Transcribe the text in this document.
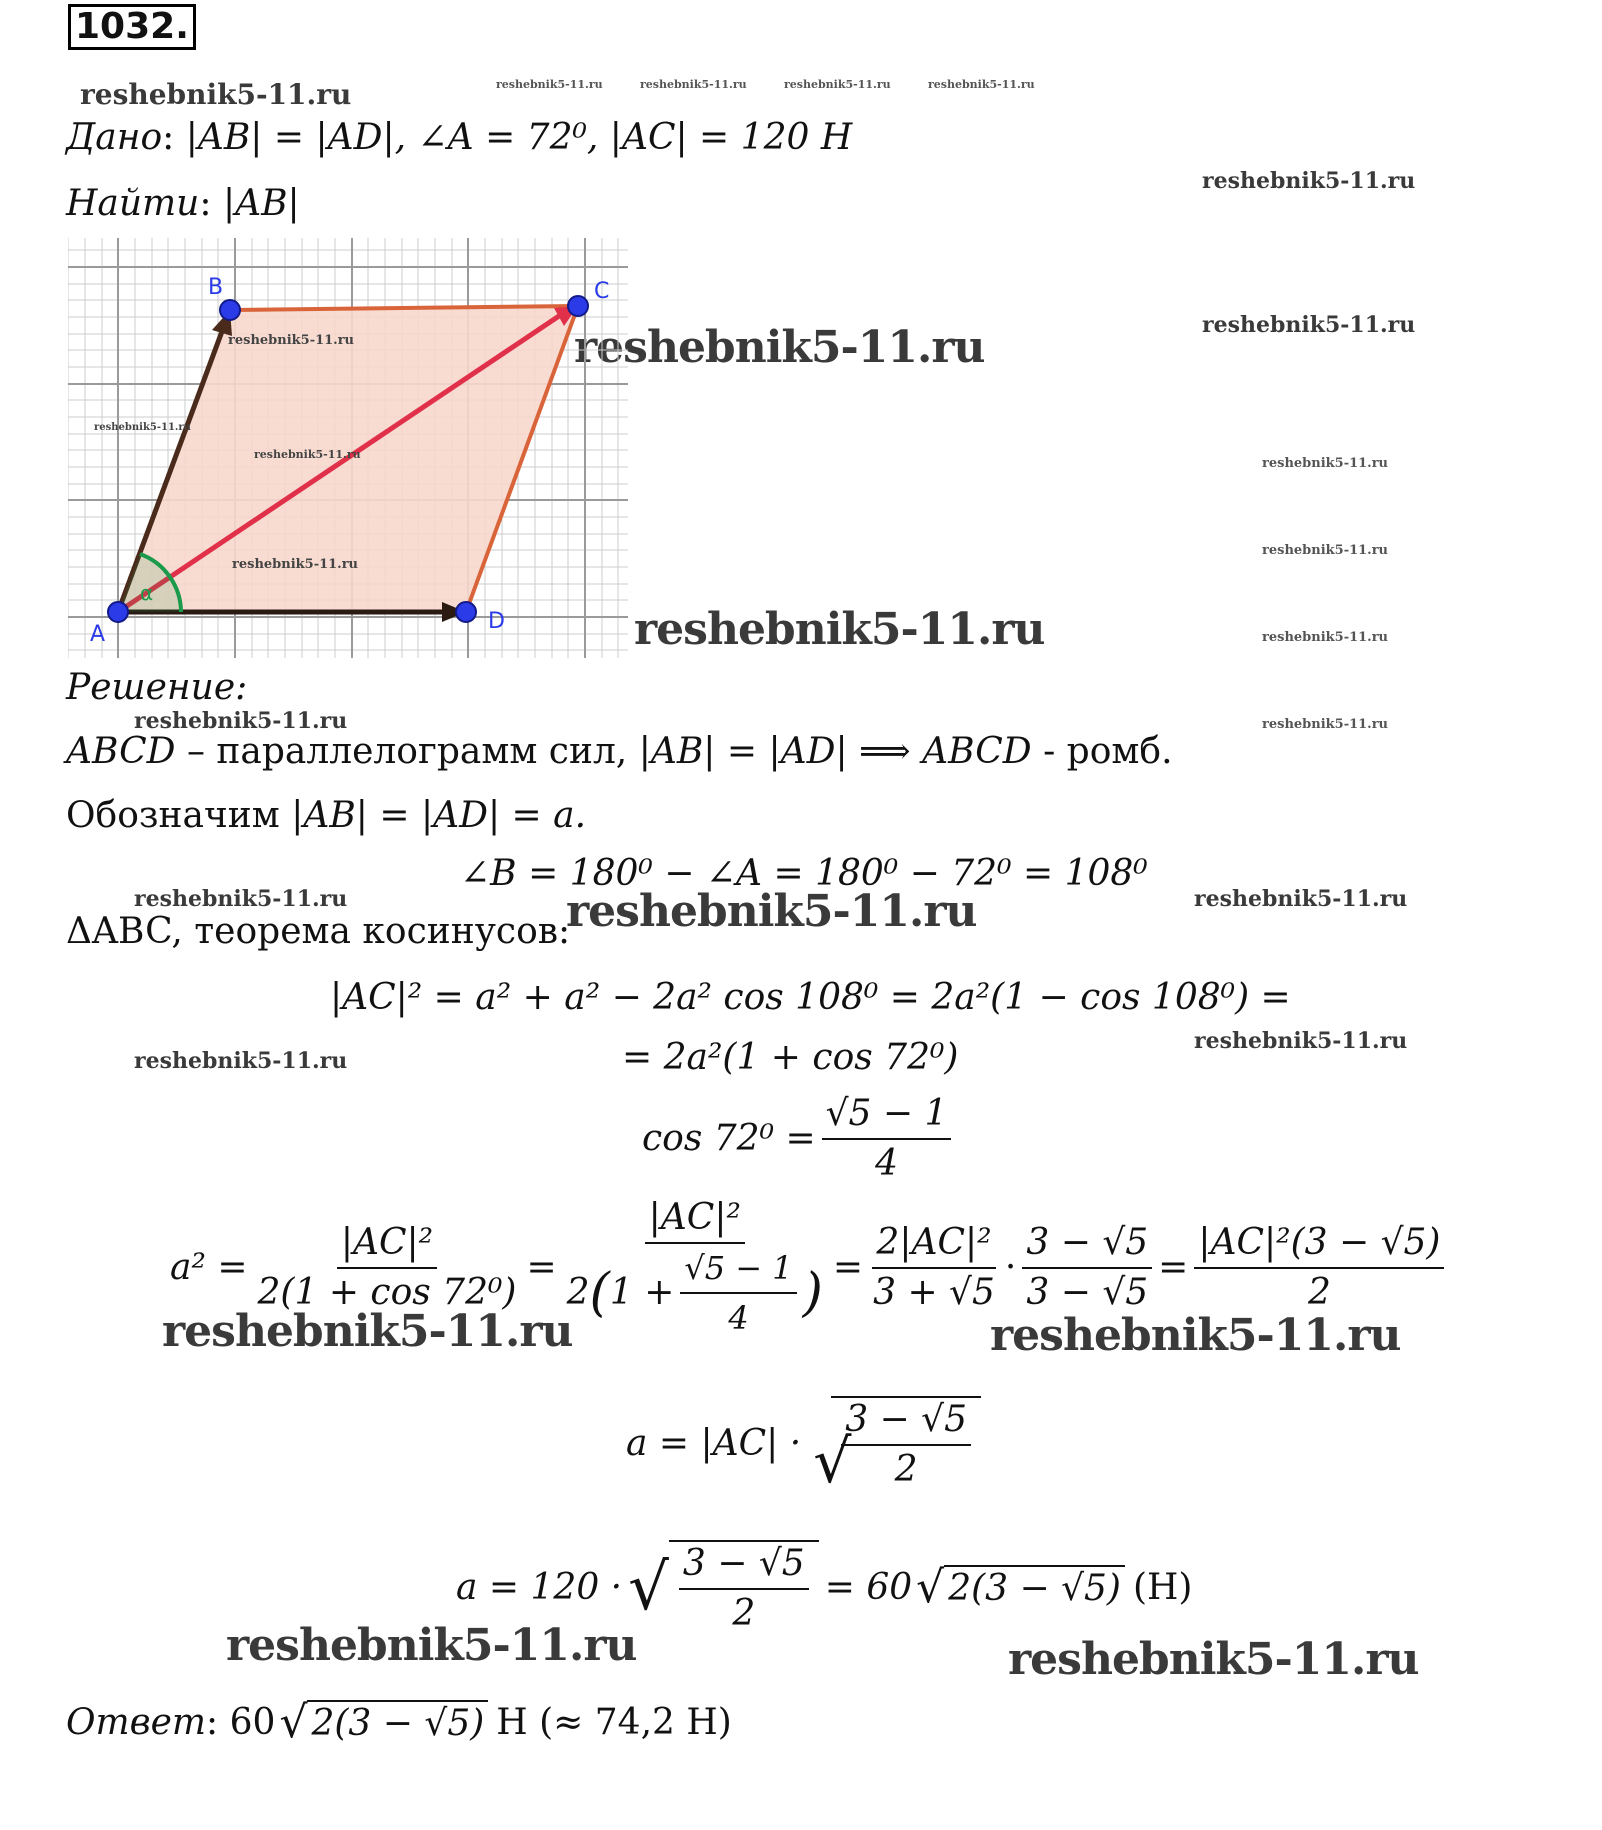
1032.
reshebnik5-11.ru	reshebnik5-11.ru	reshebnik5-11.ru	reshebnik5-11.ru	reshebnik5-11.ru
reshebnik5-11.ru
reshebnik5-11.ru
reshebnik5-11.ru
reshebnik5-11.ru
reshebnik5-11.ru
reshebnik5-11.ru
reshebnik5-11.ru
reshebnik5-11.ru
reshebnik5-11.ru
reshebnik5-11.ru	reshebnik5-11.ru	reshebnik5-11.ru
reshebnik5-11.ru
reshebnik5-11.ru
reshebnik5-11.ru	reshebnik5-11.ru
reshebnik5-11.ru	reshebnik5-11.ru
Дано: |AB| = |AD|, ∠A = 72⁰, |AC| = 120 Н
Найти: |AB|
α
A
B	C
D
reshebnik5-11.ru
reshebnik5-11.ru
reshebnik5-11.ru
reshebnik5-11.ru
Решение:
ABCD – параллелограмм сил, |AB| = |AD| ⟹ ABCD - ромб.
Обозначим |AB| = |AD| = a.
∠B = 180⁰ − ∠A = 180⁰ − 72⁰ = 108⁰
ΔABC, теорема косинусов:
|AC|² = a² + a² − 2a² cos 108⁰ = 2a²(1 − cos 108⁰) =
= 2a²(1 + cos 72⁰)
$\cos 72^0 = \frac{√5 - 1}{4}$
$a^2 = \frac{\text{|AC|²}}{\text{2(1 + cos 72⁰)}} = \frac{\text{|AC|²}}{2 ( 1 + \frac{√5 - 1}{4} )} = \frac{\text{2|AC|²}}{3 + √5} \cdot \frac{3 - √5}{3 - √5} = \frac{\text{|AC|²(3 − √5)}}{2}$
$a = |AC| \cdot \frac{3 - √5}{2}$
a = 120 · √ $\frac{3 - √5}{2} = 60$ √ 2(3 − √5) (Н)
Ответ : 60 √ 2(3 − √5) Н (≈ 74,2 Н)
